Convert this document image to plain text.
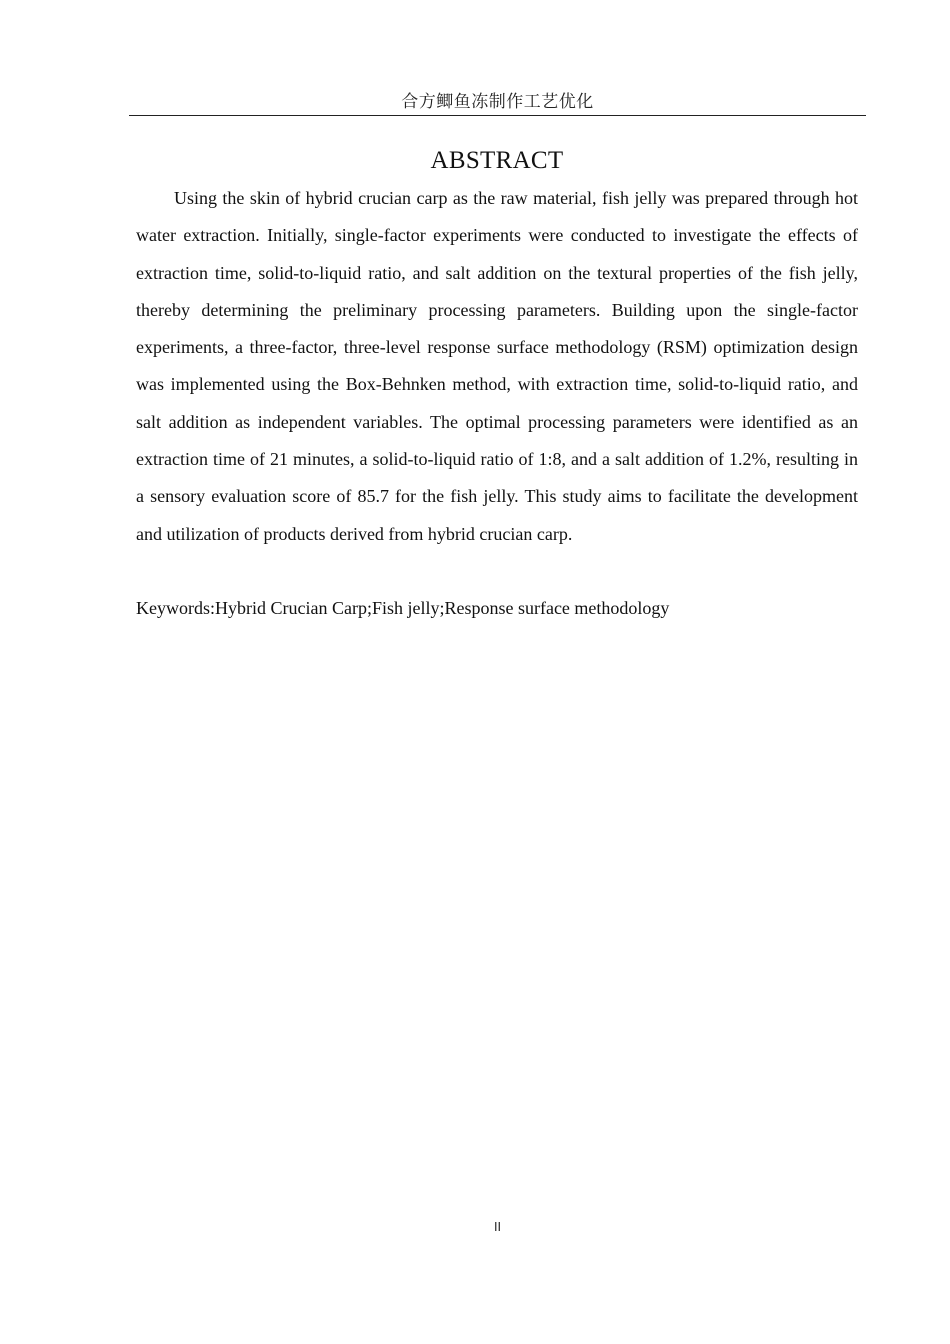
合方鲫鱼冻制作工艺优化
ABSTRACT

Using the skin of hybrid crucian carp as the raw material, fish jelly was prepared through hot water extraction. Initially, single-factor experiments were conducted to investigate the effects of extraction time, solid-to-liquid ratio, and salt addition on the textural properties of the fish jelly, thereby determining the preliminary processing parameters. Building upon the single-factor experiments, a three-factor, three-level response surface methodology (RSM) optimization design was implemented using the Box-Behnken method, with extraction time, solid-to-liquid ratio, and salt addition as independent variables. The optimal processing parameters were identified as an extraction time of 21 minutes, a solid-to-liquid ratio of 1:8, and a salt addition of 1.2%, resulting in a sensory evaluation score of 85.7 for the fish jelly. This study aims to facilitate the development and utilization of products derived from hybrid crucian carp.

Keywords:Hybrid Crucian Carp;Fish jelly;Response surface methodology

II
